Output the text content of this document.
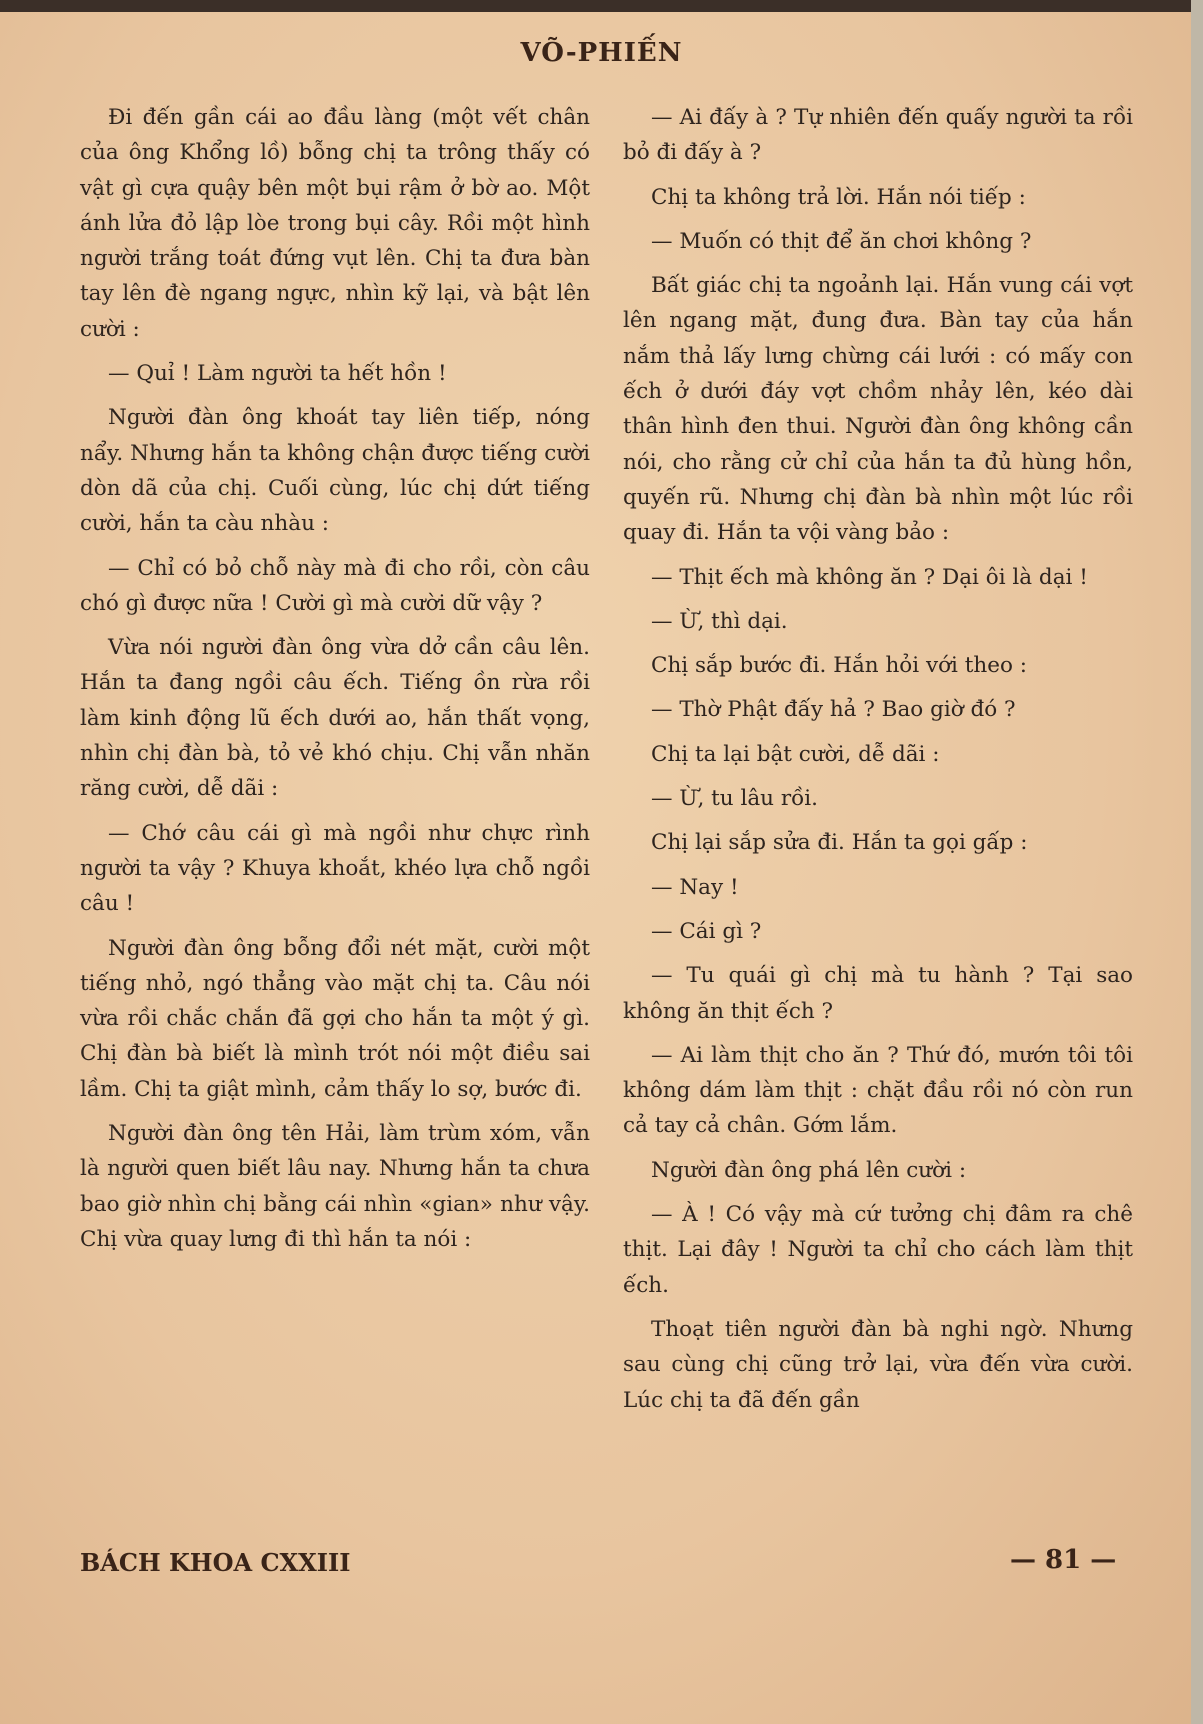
VÕ-PHIẾN

Đi đến gần cái ao đầu làng (một vết chân của ông Khổng lồ) bỗng chị ta trông thấy có vật gì cựa quậy bên một bụi rậm ở bờ ao. Một ánh lửa đỏ lập lòe trong bụi cây. Rồi một hình người trắng toát đứng vụt lên. Chị ta đưa bàn tay lên đè ngang ngực, nhìn kỹ lại, và bật lên cười :

— Quỉ ! Làm người ta hết hồn !

Người đàn ông khoát tay liên tiếp, nóng nẩy. Nhưng hắn ta không chận được tiếng cười dòn dã của chị. Cuối cùng, lúc chị dứt tiếng cười, hắn ta càu nhàu :

— Chỉ có bỏ chỗ này mà đi cho rồi, còn câu chó gì được nữa ! Cười gì mà cười dữ vậy ?

Vừa nói người đàn ông vừa dở cần câu lên. Hắn ta đang ngồi câu ếch. Tiếng ồn rừa rồi làm kinh động lũ ếch dưới ao, hắn thất vọng, nhìn chị đàn bà, tỏ vẻ khó chịu. Chị vẫn nhăn răng cười, dễ dãi :

— Chớ câu cái gì mà ngồi như chực rình người ta vậy ? Khuya khoắt, khéo lựa chỗ ngồi câu !

Người đàn ông bỗng đổi nét mặt, cười một tiếng nhỏ, ngó thẳng vào mặt chị ta. Câu nói vừa rồi chắc chắn đã gợi cho hắn ta một ý gì. Chị đàn bà biết là mình trót nói một điều sai lầm. Chị ta giật mình, cảm thấy lo sợ, bước đi.

Người đàn ông tên Hải, làm trùm xóm, vẫn là người quen biết lâu nay. Nhưng hắn ta chưa bao giờ nhìn chị bằng cái nhìn «gian» như vậy. Chị vừa quay lưng đi thì hắn ta nói :

— Ai đấy à ? Tự nhiên đến quấy người ta rồi bỏ đi đấy à ?

Chị ta không trả lời. Hắn nói tiếp :

— Muốn có thịt để ăn chơi không ?

Bất giác chị ta ngoảnh lại. Hắn vung cái vợt lên ngang mặt, đung đưa. Bàn tay của hắn nắm thả lấy lưng chừng cái lưới : có mấy con ếch ở dưới đáy vợt chồm nhảy lên, kéo dài thân hình đen thui. Người đàn ông không cần nói, cho rằng cử chỉ của hắn ta đủ hùng hồn, quyến rũ. Nhưng chị đàn bà nhìn một lúc rồi quay đi. Hắn ta vội vàng bảo :

— Thịt ếch mà không ăn ? Dại ôi là dại !

— Ừ, thì dại.

Chị sắp bước đi. Hắn hỏi với theo :

— Thờ Phật đấy hả ? Bao giờ đó ?

Chị ta lại bật cười, dễ dãi :

— Ừ, tu lâu rồi.

Chị lại sắp sửa đi. Hắn ta gọi gấp :

— Nay !

— Cái gì ?

— Tu quái gì chị mà tu hành ? Tại sao không ăn thịt ếch ?

— Ai làm thịt cho ăn ? Thứ đó, mướn tôi tôi không dám làm thịt : chặt đầu rồi nó còn run cả tay cả chân. Gớm lắm.

Người đàn ông phá lên cười :

— À ! Có vậy mà cứ tưởng chị đâm ra chê thịt. Lại đây ! Người ta chỉ cho cách làm thịt ếch.

Thoạt tiên người đàn bà nghi ngờ. Nhưng sau cùng chị cũng trở lại, vừa đến vừa cười. Lúc chị ta đã đến gần

BÁCH KHOA CXXIII	— 81 —
